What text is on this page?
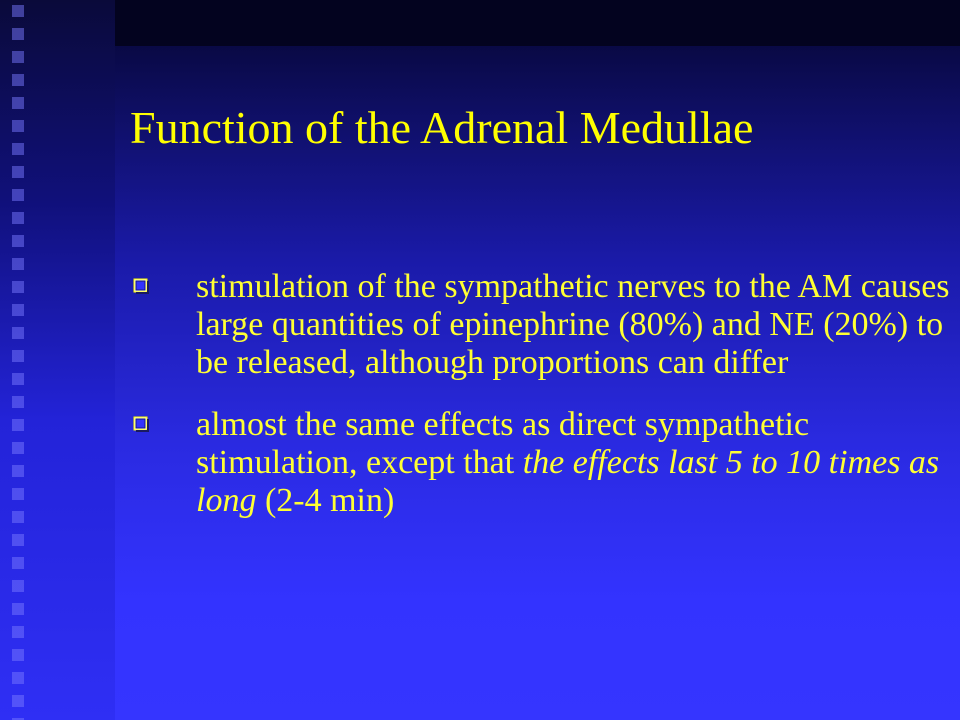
Function of the Adrenal Medullae
stimulation of the sympathetic nerves to the AM causes large quantities of epinephrine (80%) and NE (20%) to be released, although proportions can differ
almost the same effects as direct sympathetic stimulation, except that the effects last 5 to 10 times as long (2-4 min)
